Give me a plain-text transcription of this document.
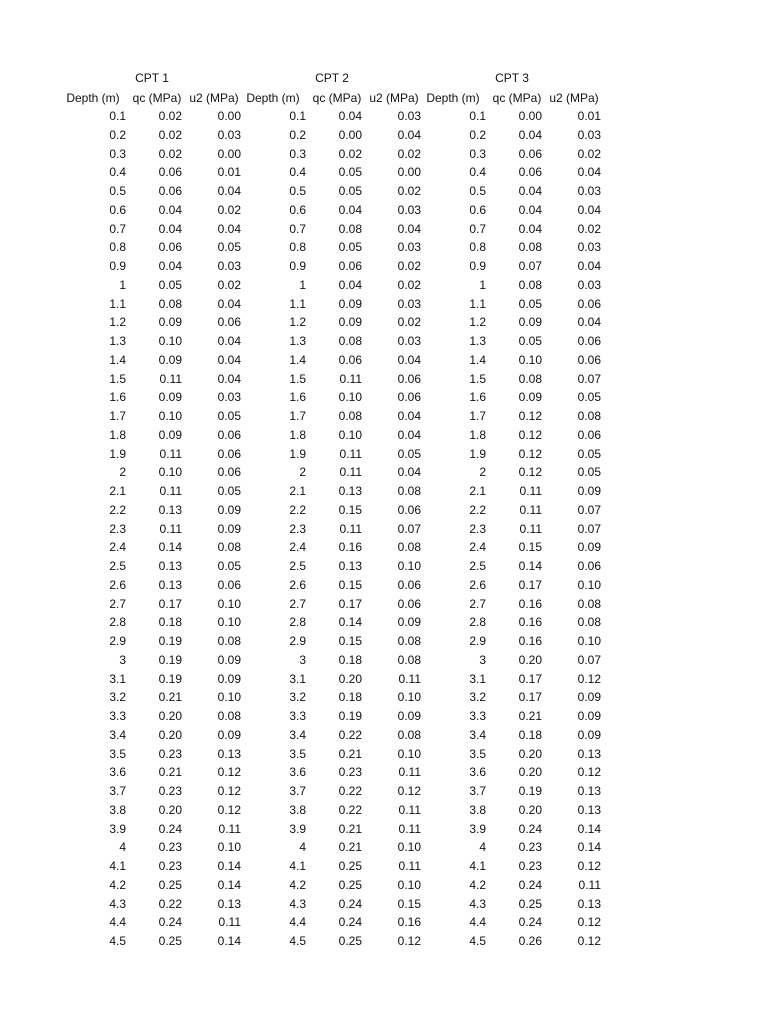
CPT 1
Depth (m)	qc (MPa) u2 (MPa)
0.1	0.02	0.00
0.2	0.02	0.03
0.3	0.02	0.00
0.4	0.06	0.01
0.5	0.06	0.04
0.6	0.04	0.02
0.7	0.04	0.04
0.8	0.06	0.05
0.9	0.04	0.03
1	0.05	0.02
1.1	0.08	0.04
1.2	0.09	0.06
1.3	0.10	0.04
1.4	0.09	0.04
1.5	0.11	0.04
1.6	0.09	0.03
1.7	0.10	0.05
1.8	0.09	0.06
1.9	0.11	0.06
2	0.10	0.06
2.1	0.11	0.05
2.2	0.13	0.09
2.3	0.11	0.09
2.4	0.14	0.08
2.5	0.13	0.05
2.6	0.13	0.06
2.7	0.17	0.10
2.8	0.18	0.10
2.9	0.19	0.08
3	0.19	0.09
3.1	0.19	0.09
3.2	0.21	0.10
3.3	0.20	0.08
3.4	0.20	0.09
3.5	0.23	0.13
3.6	0.21	0.12
3.7	0.23	0.12
3.8	0.20	0.12
3.9	0.24	0.11
4	0.23	0.10
4.1	0.23	0.14
4.2	0.25	0.14
4.3	0.22	0.13
4.4	0.24	0.11
4.5	0.25	0.14
CPT 2
Depth (m)	qc (MPa) u2 (MPa)
0.1	0.04	0.03
0.2	0.00	0.04
0.3	0.02	0.02
0.4	0.05	0.00
0.5	0.05	0.02
0.6	0.04	0.03
0.7	0.08	0.04
0.8	0.05	0.03
0.9	0.06	0.02
1	0.04	0.02
1.1	0.09	0.03
1.2	0.09	0.02
1.3	0.08	0.03
1.4	0.06	0.04
1.5	0.11	0.06
1.6	0.10	0.06
1.7	0.08	0.04
1.8	0.10	0.04
1.9	0.11	0.05
2	0.11	0.04
2.1	0.13	0.08
2.2	0.15	0.06
2.3	0.11	0.07
2.4	0.16	0.08
2.5	0.13	0.10
2.6	0.15	0.06
2.7	0.17	0.06
2.8	0.14	0.09
2.9	0.15	0.08
3	0.18	0.08
3.1	0.20	0.11
3.2	0.18	0.10
3.3	0.19	0.09
3.4	0.22	0.08
3.5	0.21	0.10
3.6	0.23	0.11
3.7	0.22	0.12
3.8	0.22	0.11
3.9	0.21	0.11
4	0.21	0.10
4.1	0.25	0.11
4.2	0.25	0.10
4.3	0.24	0.15
4.4	0.24	0.16
4.5	0.25	0.12
CPT 3
Depth (m)	qc (MPa) u2 (MPa)
0.1	0.00	0.01
0.2	0.04	0.03
0.3	0.06	0.02
0.4	0.06	0.04
0.5	0.04	0.03
0.6	0.04	0.04
0.7	0.04	0.02
0.8	0.08	0.03
0.9	0.07	0.04
1	0.08	0.03
1.1	0.05	0.06
1.2	0.09	0.04
1.3	0.05	0.06
1.4	0.10	0.06
1.5	0.08	0.07
1.6	0.09	0.05
1.7	0.12	0.08
1.8	0.12	0.06
1.9	0.12	0.05
2	0.12	0.05
2.1	0.11	0.09
2.2	0.11	0.07
2.3	0.11	0.07
2.4	0.15	0.09
2.5	0.14	0.06
2.6	0.17	0.10
2.7	0.16	0.08
2.8	0.16	0.08
2.9	0.16	0.10
3	0.20	0.07
3.1	0.17	0.12
3.2	0.17	0.09
3.3	0.21	0.09
3.4	0.18	0.09
3.5	0.20	0.13
3.6	0.20	0.12
3.7	0.19	0.13
3.8	0.20	0.13
3.9	0.24	0.14
4	0.23	0.14
4.1	0.23	0.12
4.2	0.24	0.11
4.3	0.25	0.13
4.4	0.24	0.12
4.5	0.26	0.12
